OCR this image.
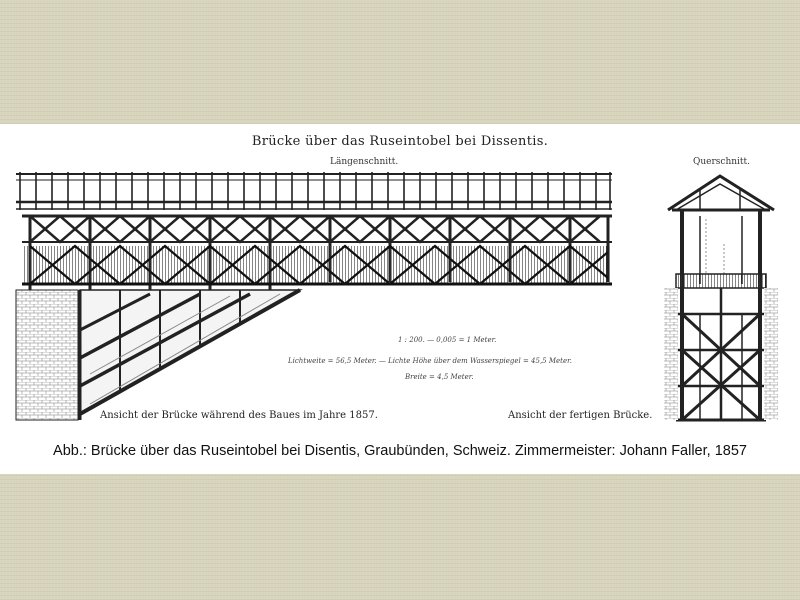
Brücke über das Ruseintobel bei Dissentis.
Längenschnitt.	Querschnitt.
1 : 200. — 0,005 = 1 Meter.
Lichtweite = 56,5 Meter. — Lichte Höhe über dem Wasserspiegel = 45,5 Meter.
Breite = 4,5 Meter.
Ansicht der Brücke während des Baues im Jahre 1857.	Ansicht der fertigen Brücke.
Abb.: Brücke über das Ruseintobel bei Disentis, Graubünden, Schweiz. Zimmermeister: Johann Faller, 1857
